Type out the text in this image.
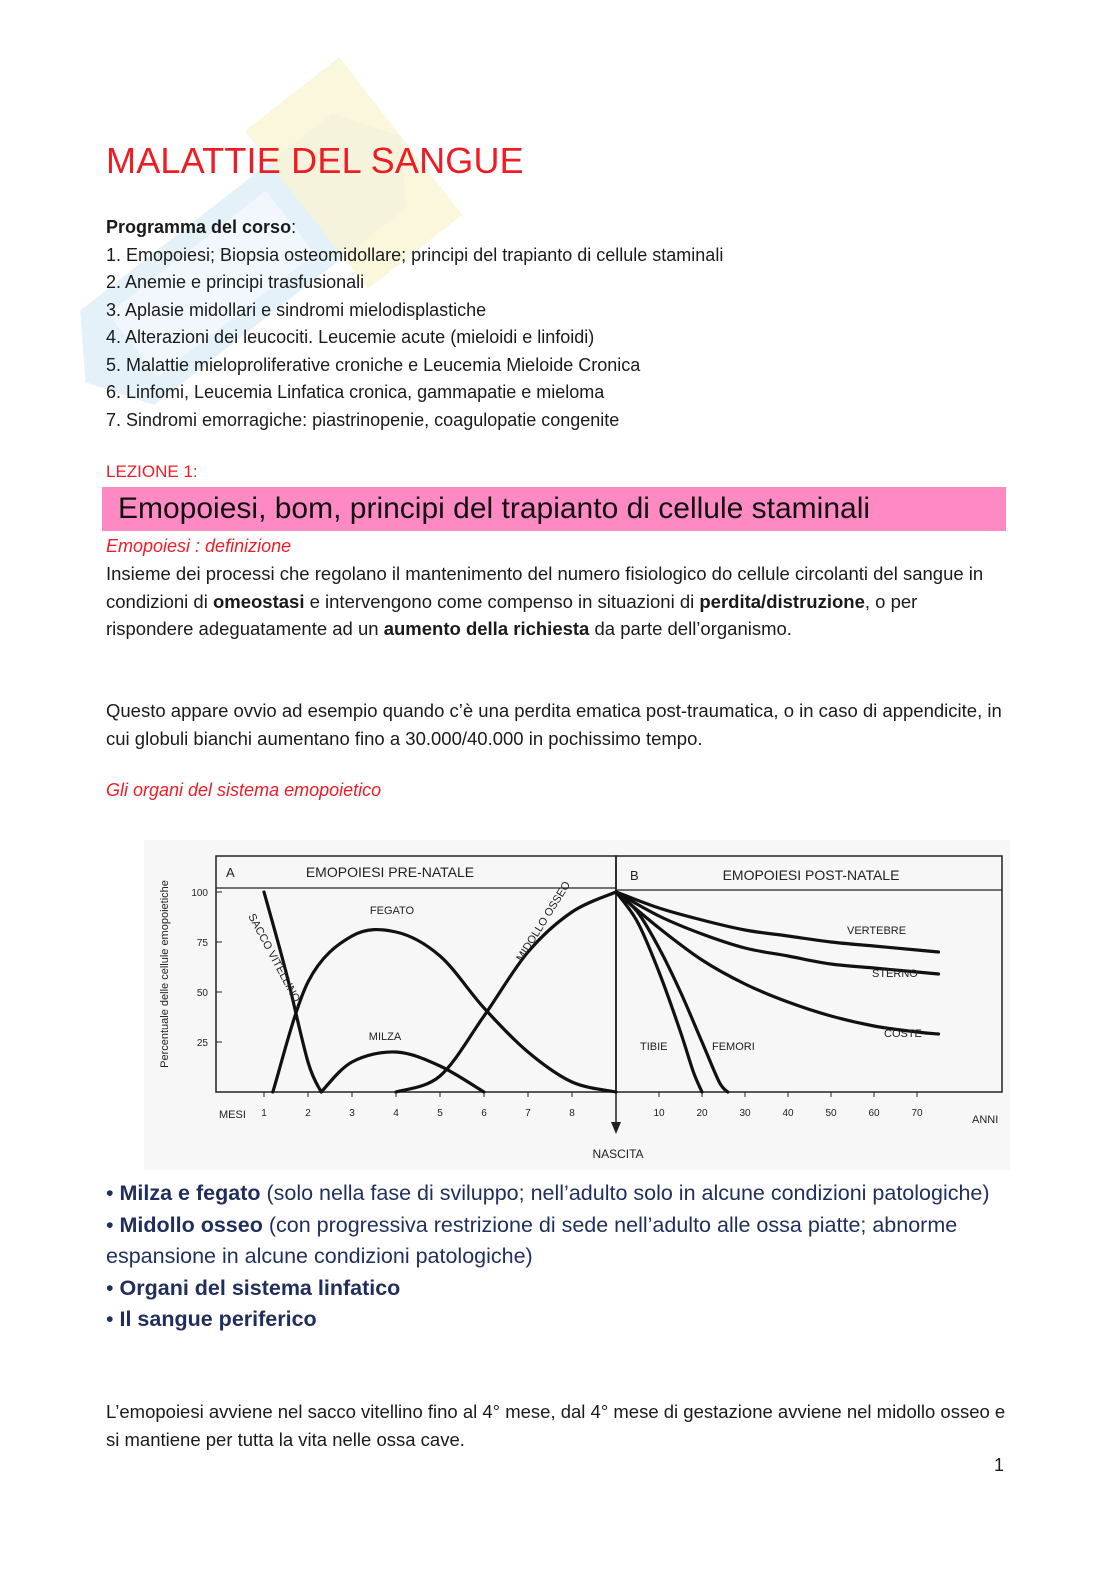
MALATTIE DEL SANGUE
Programma del corso:
1. Emopoiesi; Biopsia osteomidollare; principi del trapianto di cellule staminali
2. Anemie e principi trasfusionali
3. Aplasie midollari e sindromi mielodisplastiche
4. Alterazioni dei leucociti. Leucemie acute (mieloidi e linfoidi)
5. Malattie mieloproliferative croniche e Leucemia Mieloide Cronica
6. Linfomi, Leucemia Linfatica cronica, gammapatie e mieloma
7. Sindromi emorragiche: piastrinopenie, coagulopatie congenite
LEZIONE 1:
Emopoiesi, bom, principi del trapianto di cellule staminali
Emopoiesi : definizione

Insieme dei processi che regolano il mantenimento del numero fisiologico do cellule circolanti del sangue in condizioni di omeostasi e intervengono come compenso in situazioni di perdita/distruzione, o per rispondere adeguatamente ad un aumento della richiesta da parte dell’organismo.

Questo appare ovvio ad esempio quando c’è una perdita ematica post-traumatica, o in caso di appendicite, in cui globuli bianchi aumentano fino a 30.000/40.000 in pochissimo tempo.

Gli organi del sistema emopoietico
• Milza e fegato (solo nella fase di sviluppo; nell’adulto solo in alcune condizioni patologiche)
• Midollo osseo (con progressiva restrizione di sede nell’adulto alle ossa piatte; abnorme espansione in alcune condizioni patologiche)
• Organi del sistema linfatico
• Il sangue periferico

L’emopoiesi avviene nel sacco vitellino fino al 4° mese, dal 4° mese di gestazione avviene nel midollo osseo e si mantiene per tutta la vita nelle ossa cave.

NASCITA
A	EMOPOIESI PRE-NATALE	B	EMOPOIESI POST-NATALE
Percentuale delle cellule emopoietiche 100
75
50
25
1	2	3	4	5	6	7	8	10	20	30	40	50	60	70
MESI	ANNI
SACCO VITELLINO
FEGATO
MILZA
MIDOLLO OSSEO
TIBIE	FEMORI
COSTE
STERNO
VERTEBRE
1
